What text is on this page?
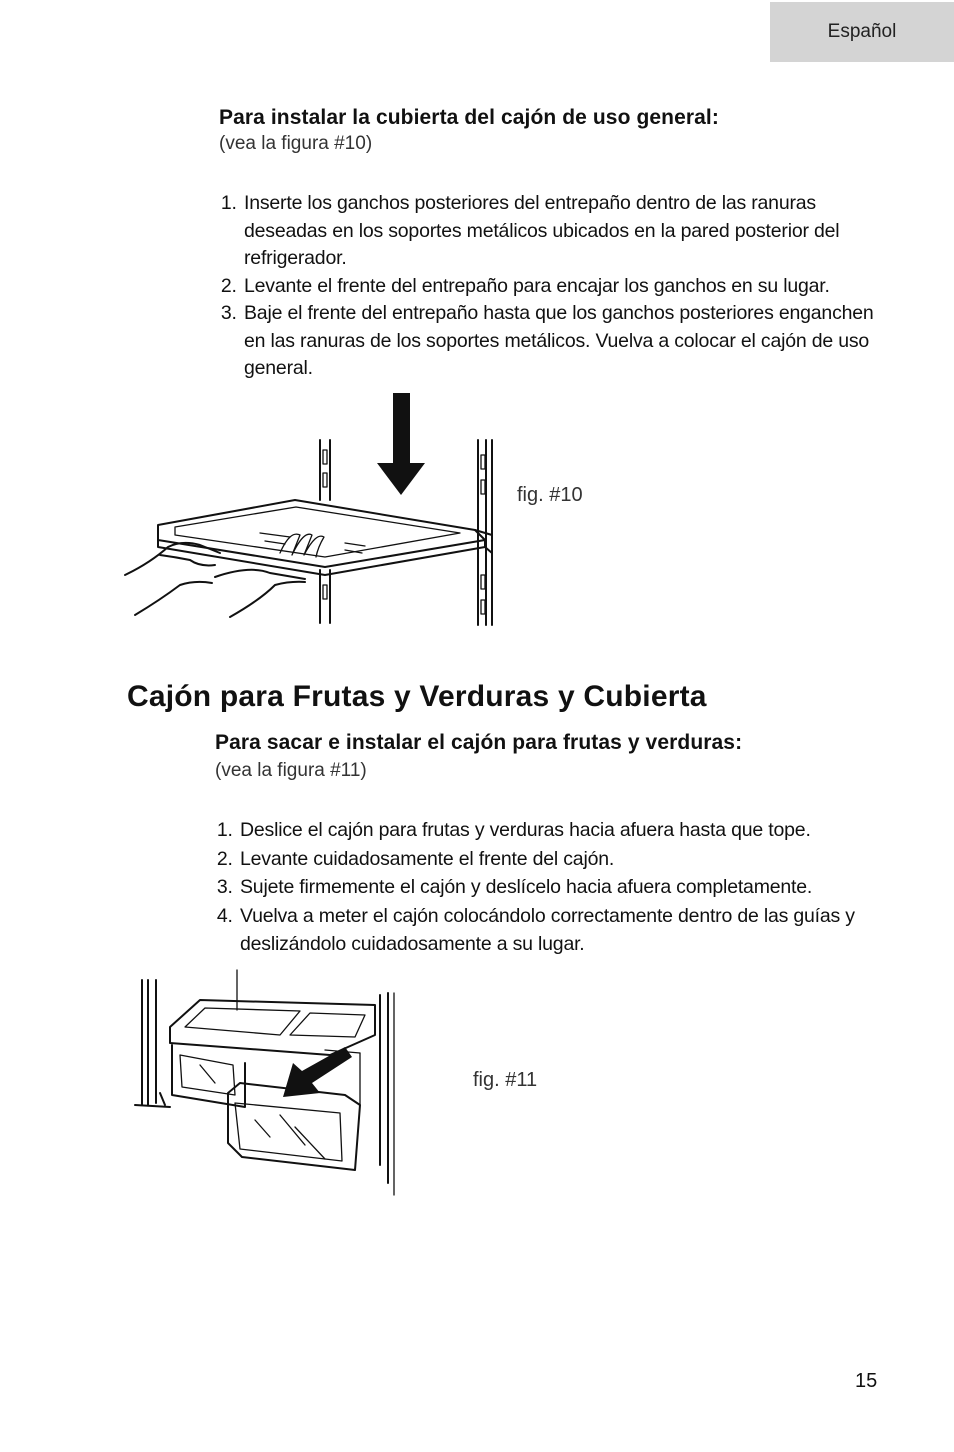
Español
Para instalar la cubierta del cajón de uso general:
(vea la figura #10)
1. Inserte los ganchos posteriores del entrepaño dentro de las ranuras deseadas en los soportes metálicos ubicados en la pared posterior del refrigerador.
2. Levante el frente del entrepaño para encajar los ganchos en su lugar.
3. Baje el frente del entrepaño hasta que los ganchos posteriores enganchen en las ranuras de los soportes metálicos. Vuelva a colocar el cajón de uso general.
fig. #10
Cajón para Frutas y Verduras y Cubierta
Para sacar e instalar el cajón para frutas y verduras:
(vea la figura #11)
1. Deslice el cajón para frutas y verduras hacia afuera hasta que tope.
2. Levante cuidadosamente el frente del cajón.
3. Sujete firmemente el cajón y deslícelo hacia afuera completamente.
4. Vuelva a meter el cajón colocándolo correctamente dentro de las guías y deslizándolo cuidadosamente a su lugar.
fig. #11
15
